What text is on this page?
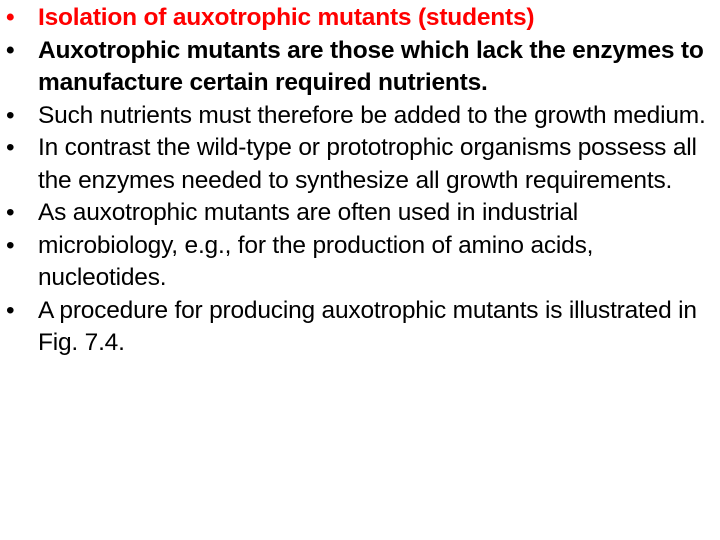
• Isolation of auxotrophic mutants (students)
• Auxotrophic mutants are those which lack the enzymes to manufacture certain required nutrients.
• Such nutrients must therefore be added to the growth medium.
• In contrast the wild-type or prototrophic organisms possess all the enzymes needed to synthesize all growth requirements.
• As auxotrophic mutants are often used in industrial
• microbiology, e.g., for the production of amino acids, nucleotides.
• A procedure for producing auxotrophic mutants is illustrated in Fig. 7.4.
